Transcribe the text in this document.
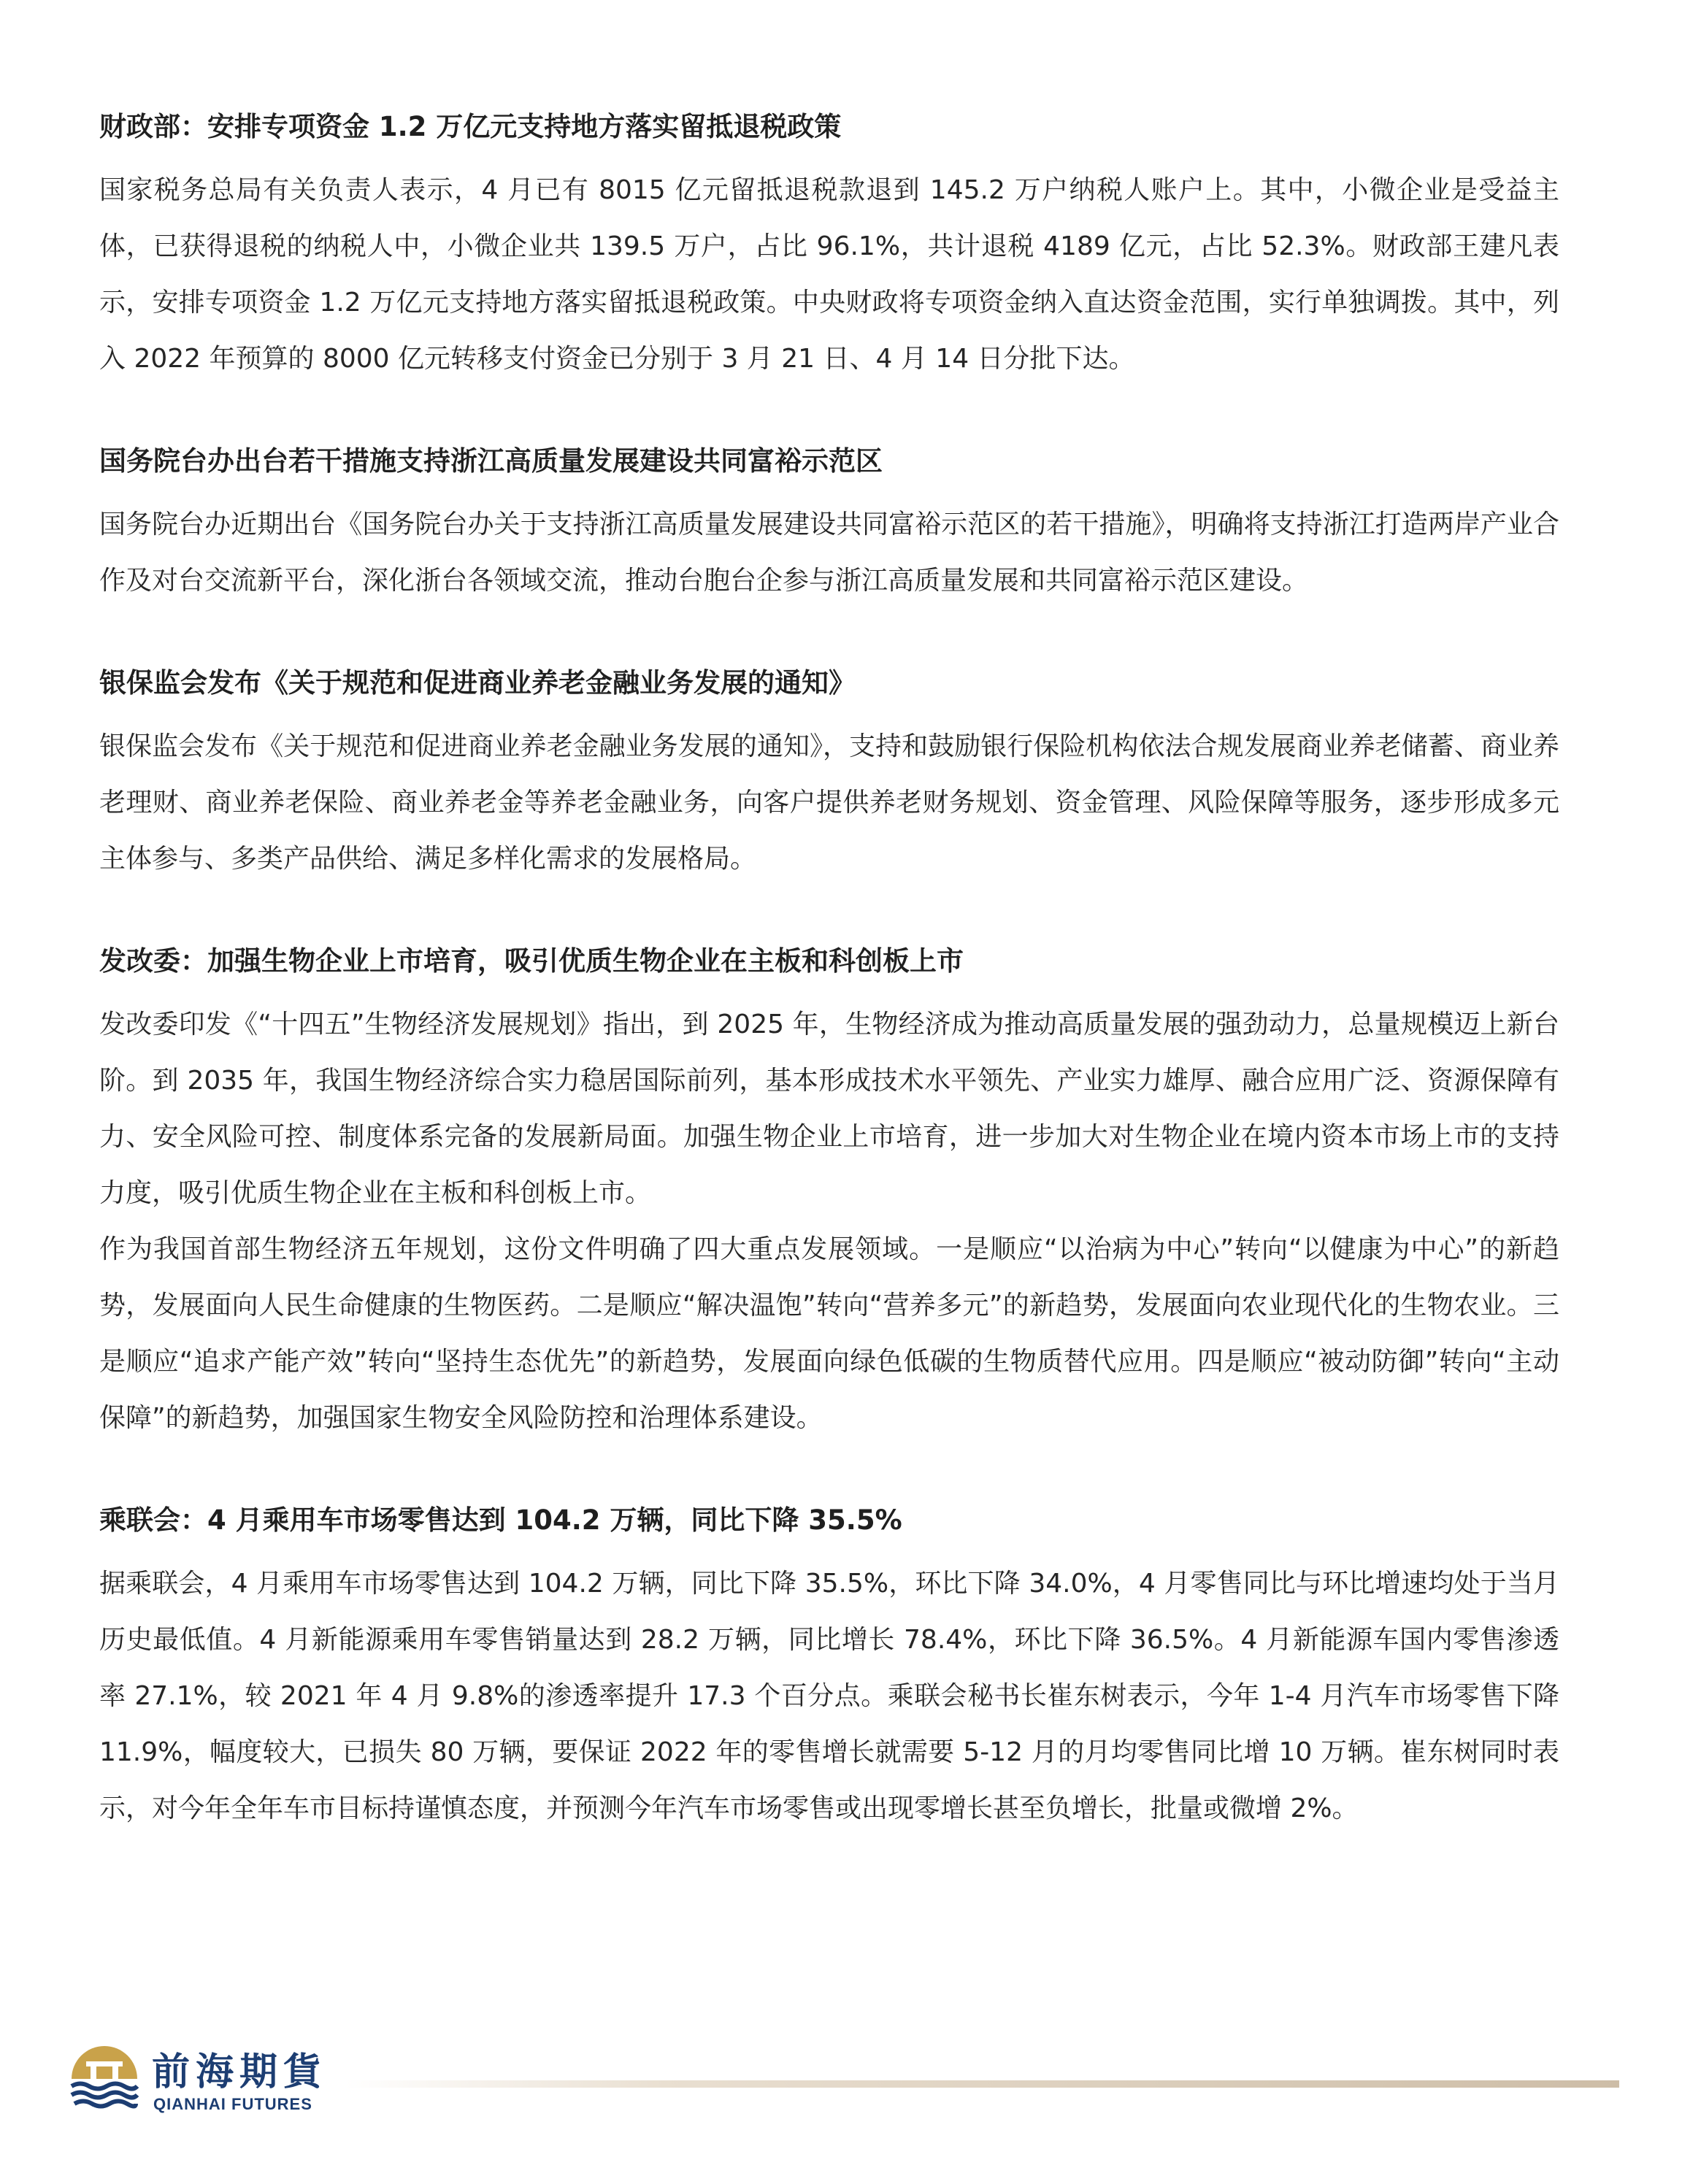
财政部：安排专项资金 1.2 万亿元支持地方落实留抵退税政策

国家税务总局有关负责人表示，4 月已有 8015 亿元留抵退税款退到 145.2 万户纳税人账户上。其中，小微企业是受益主体，已获得退税的纳税人中，小微企业共 139.5 万户，占比 96.1%，共计退税 4189 亿元，占比 52.3%。财政部王建凡表示，安排专项资金 1.2 万亿元支持地方落实留抵退税政策。中央财政将专项资金纳入直达资金范围，实行单独调拨。其中，列入 2022 年预算的 8000 亿元转移支付资金已分别于 3 月 21 日、4 月 14 日分批下达。

国务院台办出台若干措施支持浙江高质量发展建设共同富裕示范区

国务院台办近期出台《国务院台办关于支持浙江高质量发展建设共同富裕示范区的若干措施》，明确将支持浙江打造两岸产业合作及对台交流新平台，深化浙台各领域交流，推动台胞台企参与浙江高质量发展和共同富裕示范区建设。

银保监会发布《关于规范和促进商业养老金融业务发展的通知》

银保监会发布《关于规范和促进商业养老金融业务发展的通知》，支持和鼓励银行保险机构依法合规发展商业养老储蓄、商业养老理财、商业养老保险、商业养老金等养老金融业务，向客户提供养老财务规划、资金管理、风险保障等服务，逐步形成多元主体参与、多类产品供给、满足多样化需求的发展格局。

发改委：加强生物企业上市培育，吸引优质生物企业在主板和科创板上市

发改委印发《“十四五”生物经济发展规划》指出，到 2025 年，生物经济成为推动高质量发展的强劲动力，总量规模迈上新台阶。到 2035 年，我国生物经济综合实力稳居国际前列，基本形成技术水平领先、产业实力雄厚、融合应用广泛、资源保障有力、安全风险可控、制度体系完备的发展新局面。加强生物企业上市培育，进一步加大对生物企业在境内资本市场上市的支持力度，吸引优质生物企业在主板和科创板上市。

作为我国首部生物经济五年规划，这份文件明确了四大重点发展领域。一是顺应“以治病为中心”转向“以健康为中心”的新趋势，发展面向人民生命健康的生物医药。二是顺应“解决温饱”转向“营养多元”的新趋势，发展面向农业现代化的生物农业。三是顺应“追求产能产效”转向“坚持生态优先”的新趋势，发展面向绿色低碳的生物质替代应用。四是顺应“被动防御”转向“主动保障”的新趋势，加强国家生物安全风险防控和治理体系建设。

乘联会：4 月乘用车市场零售达到 104.2 万辆，同比下降 35.5%

据乘联会，4 月乘用车市场零售达到 104.2 万辆，同比下降 35.5%，环比下降 34.0%，4 月零售同比与环比增速均处于当月历史最低值。4 月新能源乘用车零售销量达到 28.2 万辆，同比增长 78.4%，环比下降 36.5%。4 月新能源车国内零售渗透率 27.1%，较 2021 年 4 月 9.8%的渗透率提升 17.3 个百分点。乘联会秘书长崔东树表示，今年 1-4 月汽车市场零售下降 11.9%，幅度较大，已损失 80 万辆，要保证 2022 年的零售增长就需要 5-12 月的月均零售同比增 10 万辆。崔东树同时表示，对今年全年车市目标持谨慎态度，并预测今年汽车市场零售或出现零增长甚至负增长，批量或微增 2%。

前海期貨
QIANHAI FUTURES
